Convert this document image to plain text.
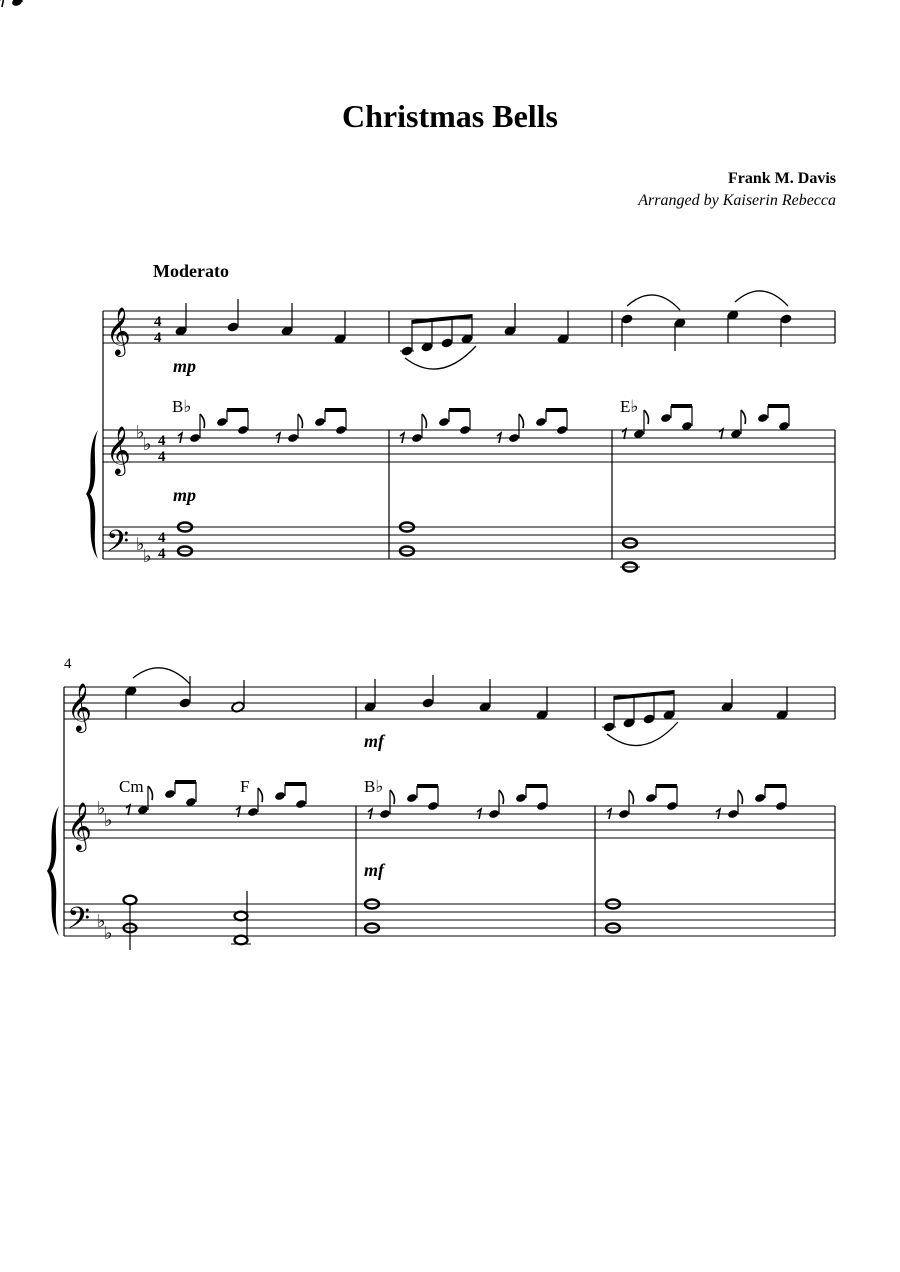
Christmas Bells
Frank M. Davis
Arranged by Kaiserin Rebecca
Moderato
𝄞
𝄞
𝄢
♭
♭
♭
♭
4
4
4
4
4
4
mp
mp
B♭	E♭
4
𝄞
𝄞
𝄢
♭
♭
♭
♭
mf
mf
Cm	F	B♭
